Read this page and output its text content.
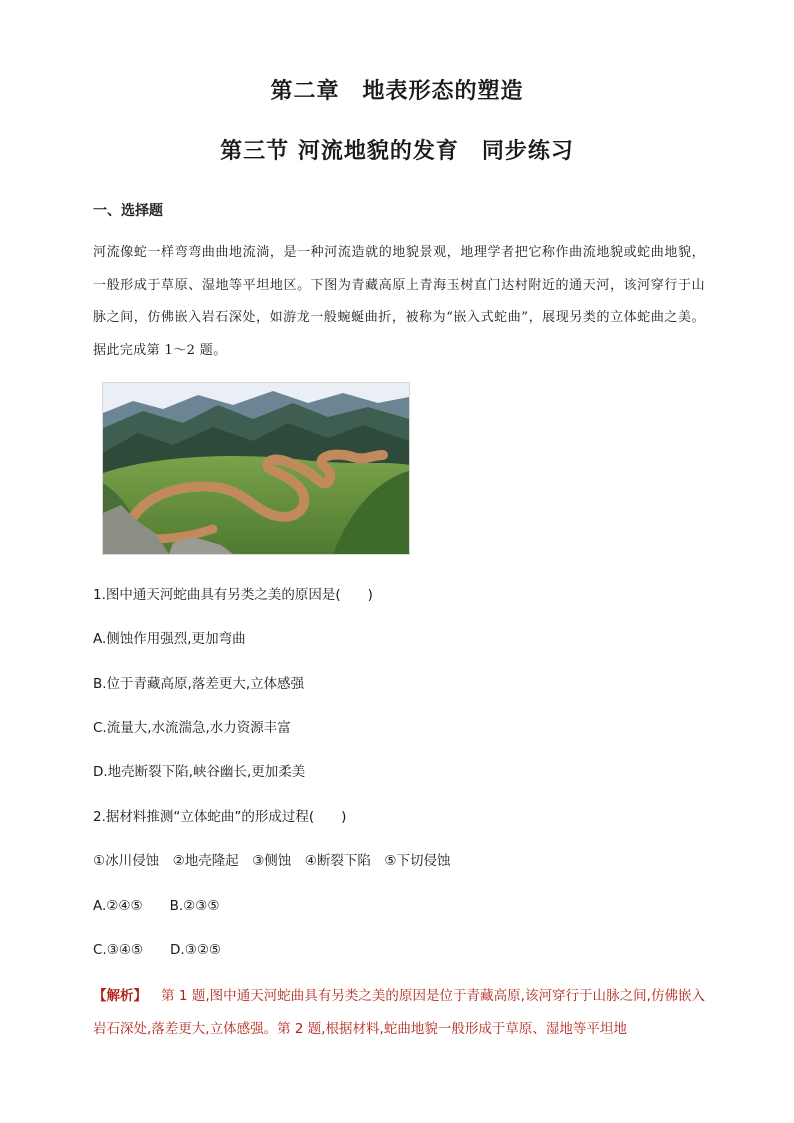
第二章　地表形态的塑造
第三节 河流地貌的发育　同步练习
一、选择题
河流像蛇一样弯弯曲曲地流淌，是一种河流造就的地貌景观，地理学者把它称作曲流地貌或蛇曲地貌，一般形成于草原、湿地等平坦地区。下图为青藏高原上青海玉树直门达村附近的通天河，该河穿行于山脉之间，仿佛嵌入岩石深处，如游龙一般蜿蜒曲折，被称为“嵌入式蛇曲”，展现另类的立体蛇曲之美。据此完成第 1～2 题。
1.图中通天河蛇曲具有另类之美的原因是(　　)
A.侧蚀作用强烈,更加弯曲
B.位于青藏高原,落差更大,立体感强
C.流量大,水流湍急,水力资源丰富
D.地壳断裂下陷,峡谷幽长,更加柔美
2.据材料推测“立体蛇曲”的形成过程(　　)
①冰川侵蚀　②地壳隆起　③侧蚀　④断裂下陷　⑤下切侵蚀
A.②④⑤　　B.②③⑤
C.③④⑤　　D.③②⑤
【解析】 第 1 题,图中通天河蛇曲具有另类之美的原因是位于青藏高原,该河穿行于山脉之间,仿佛嵌入岩石深处,落差更大,立体感强。第 2 题,根据材料,蛇曲地貌一般形成于草原、湿地等平坦地
